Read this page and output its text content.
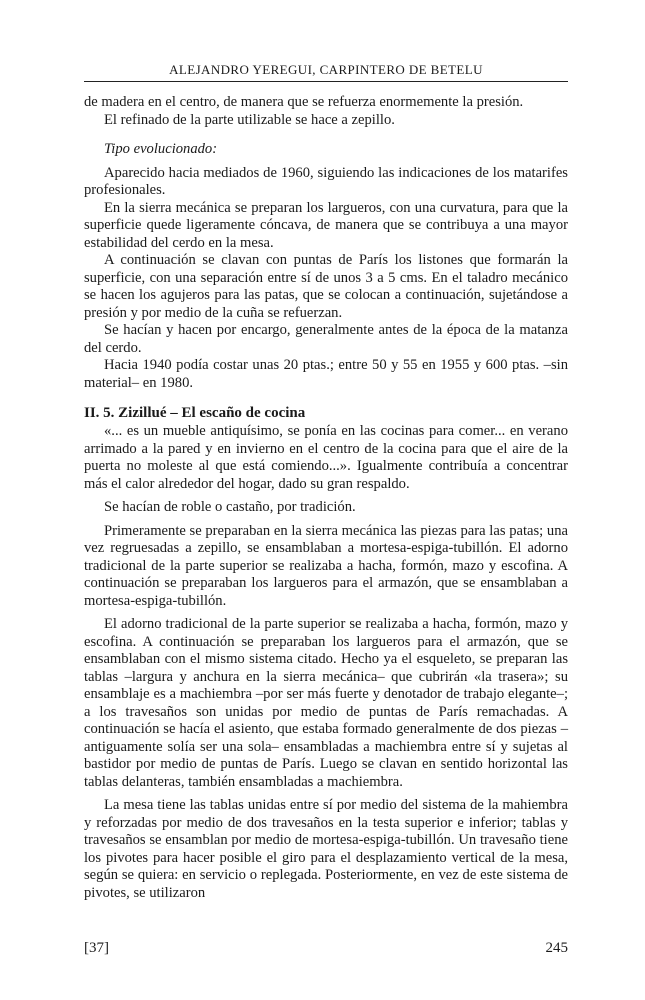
ALEJANDRO YEREGUI, CARPINTERO DE BETELU

de madera en el centro, de manera que se refuerza enormemente la presión.

El refinado de la parte utilizable se hace a zepillo.

Tipo evolucionado:

Aparecido hacia mediados de 1960, siguiendo las indicaciones de los matarifes profesionales.

En la sierra mecánica se preparan los largueros, con una curvatura, para que la superficie quede ligeramente cóncava, de manera que se contribuya a una mayor estabilidad del cerdo en la mesa.

A continuación se clavan con puntas de París los listones que formarán la superficie, con una separación entre sí de unos 3 a 5 cms. En el taladro mecánico se hacen los agujeros para las patas, que se colocan a continuación, sujetándose a presión y por medio de la cuña se refuerzan.

Se hacían y hacen por encargo, generalmente antes de la época de la matanza del cerdo.

Hacia 1940 podía costar unas 20 ptas.; entre 50 y 55 en 1955 y 600 ptas. –sin material– en 1980.

II. 5. Zizillué – El escaño de cocina

«... es un mueble antiquísimo, se ponía en las cocinas para comer... en verano arrimado a la pared y en invierno en el centro de la cocina para que el aire de la puerta no moleste al que está comiendo...». Igualmente contribuía a concentrar más el calor alrededor del hogar, dado su gran respaldo.

Se hacían de roble o castaño, por tradición.

Primeramente se preparaban en la sierra mecánica las piezas para las patas; una vez regruesadas a zepillo, se ensamblaban a mortesa-espiga-tubillón. El adorno tradicional de la parte superior se realizaba a hacha, formón, mazo y escofina. A continuación se preparaban los largueros para el armazón, que se ensamblaban a mortesa-espiga-tubillón.

El adorno tradicional de la parte superior se realizaba a hacha, formón, mazo y escofina. A continuación se preparaban los largueros para el armazón, que se ensamblaban con el mismo sistema citado. Hecho ya el esqueleto, se preparan las tablas –largura y anchura en la sierra mecánica– que cubrirán «la trasera»; su ensamblaje es a machiembra –por ser más fuerte y denotador de trabajo elegante–; a los travesaños son unidas por medio de puntas de París remachadas. A continuación se hacía el asiento, que estaba formado generalmente de dos piezas –antiguamente solía ser una sola– ensambladas a machiembra entre sí y sujetas al bastidor por medio de puntas de París. Luego se clavan en sentido horizontal las tablas delanteras, también ensambladas a machiembra.

La mesa tiene las tablas unidas entre sí por medio del sistema de la mahiembra y reforzadas por medio de dos travesaños en la testa superior e inferior; tablas y travesaños se ensamblan por medio de mortesa-espiga-tubillón. Un travesaño tiene los pivotes para hacer posible el giro para el desplazamiento vertical de la mesa, según se quiera: en servicio o replegada. Posteriormente, en vez de este sistema de pivotes, se utilizaron

[37]	245
